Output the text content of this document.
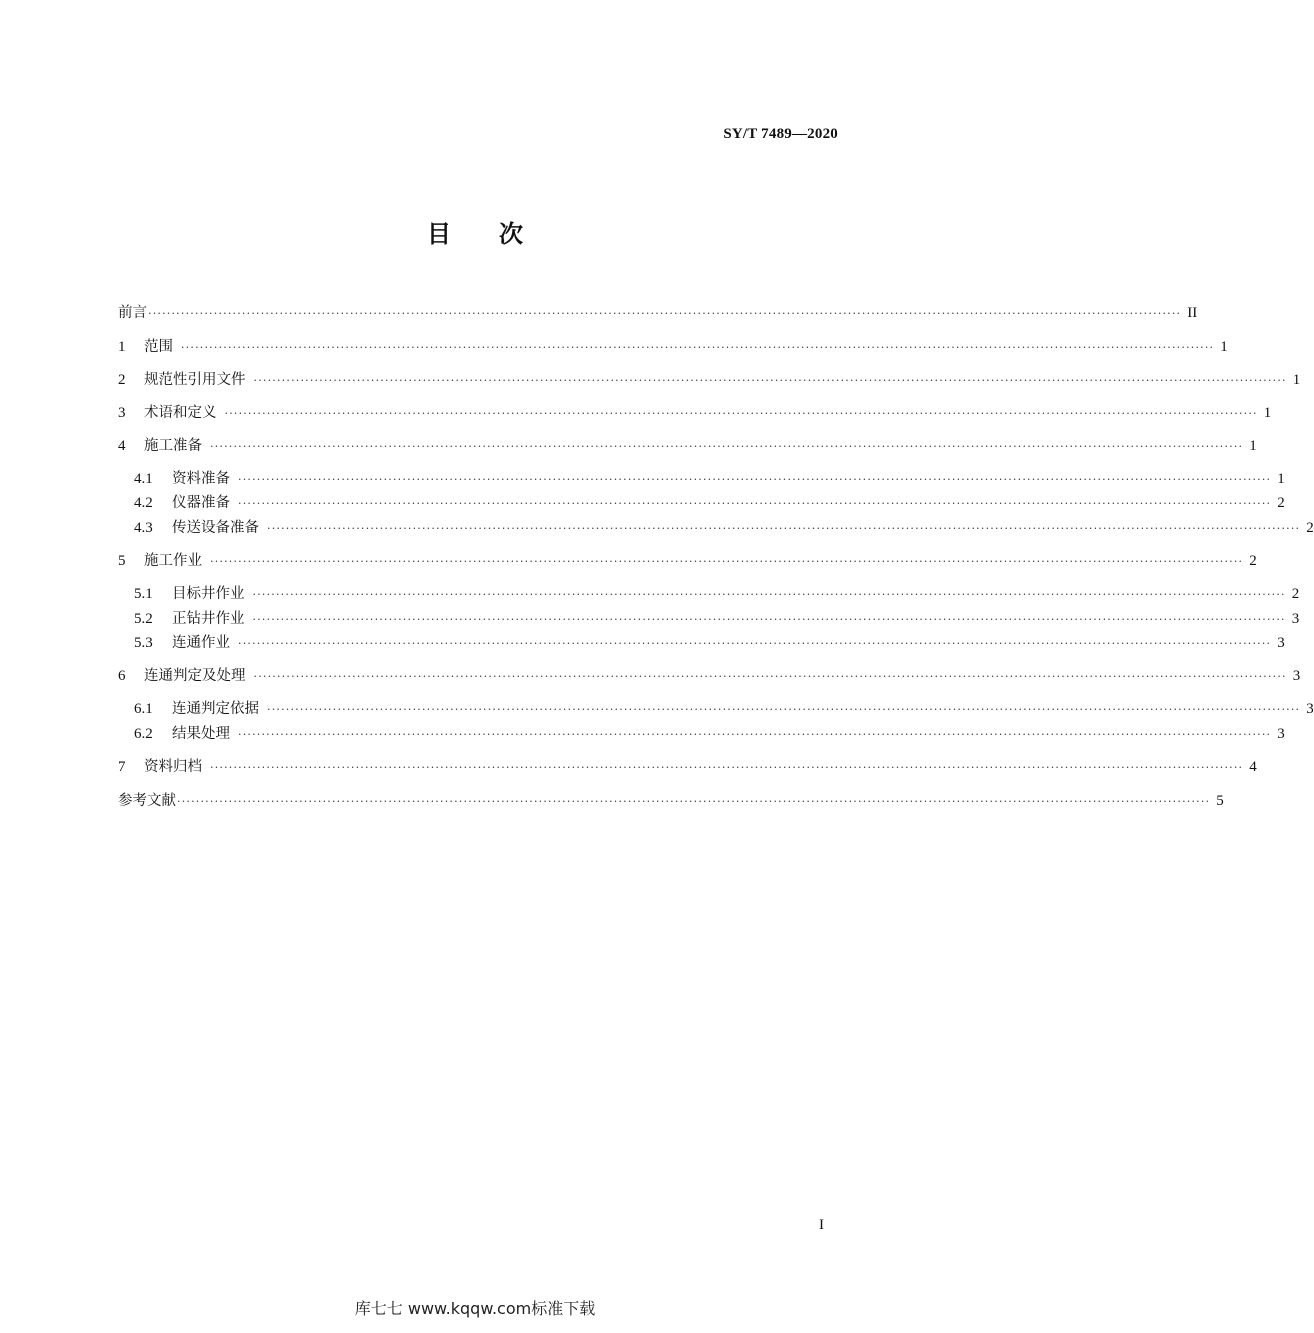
SY/T 7489—2020
目次
前言 ···························································································································································································································· II
1	范围 ···························································································································································································································· 1
2	规范性引用文件 ···························································································································································································································· 1
3	术语和定义 ···························································································································································································································· 1
4	施工准备 ···························································································································································································································· 1
4.1	资料准备 ···························································································································································································································· 1
4.2	仪器准备 ···························································································································································································································· 2
4.3	传送设备准备 ···························································································································································································································· 2
5	施工作业 ···························································································································································································································· 2
5.1	目标井作业 ···························································································································································································································· 2
5.2	正钻井作业 ···························································································································································································································· 3
5.3	连通作业 ···························································································································································································································· 3
6	连通判定及处理 ···························································································································································································································· 3
6.1	连通判定依据 ···························································································································································································································· 3
6.2	结果处理 ···························································································································································································································· 3
7	资料归档 ···························································································································································································································· 4
参考文献 ···························································································································································································································· 5
I
库七七 www.kqqw.com标准下载
